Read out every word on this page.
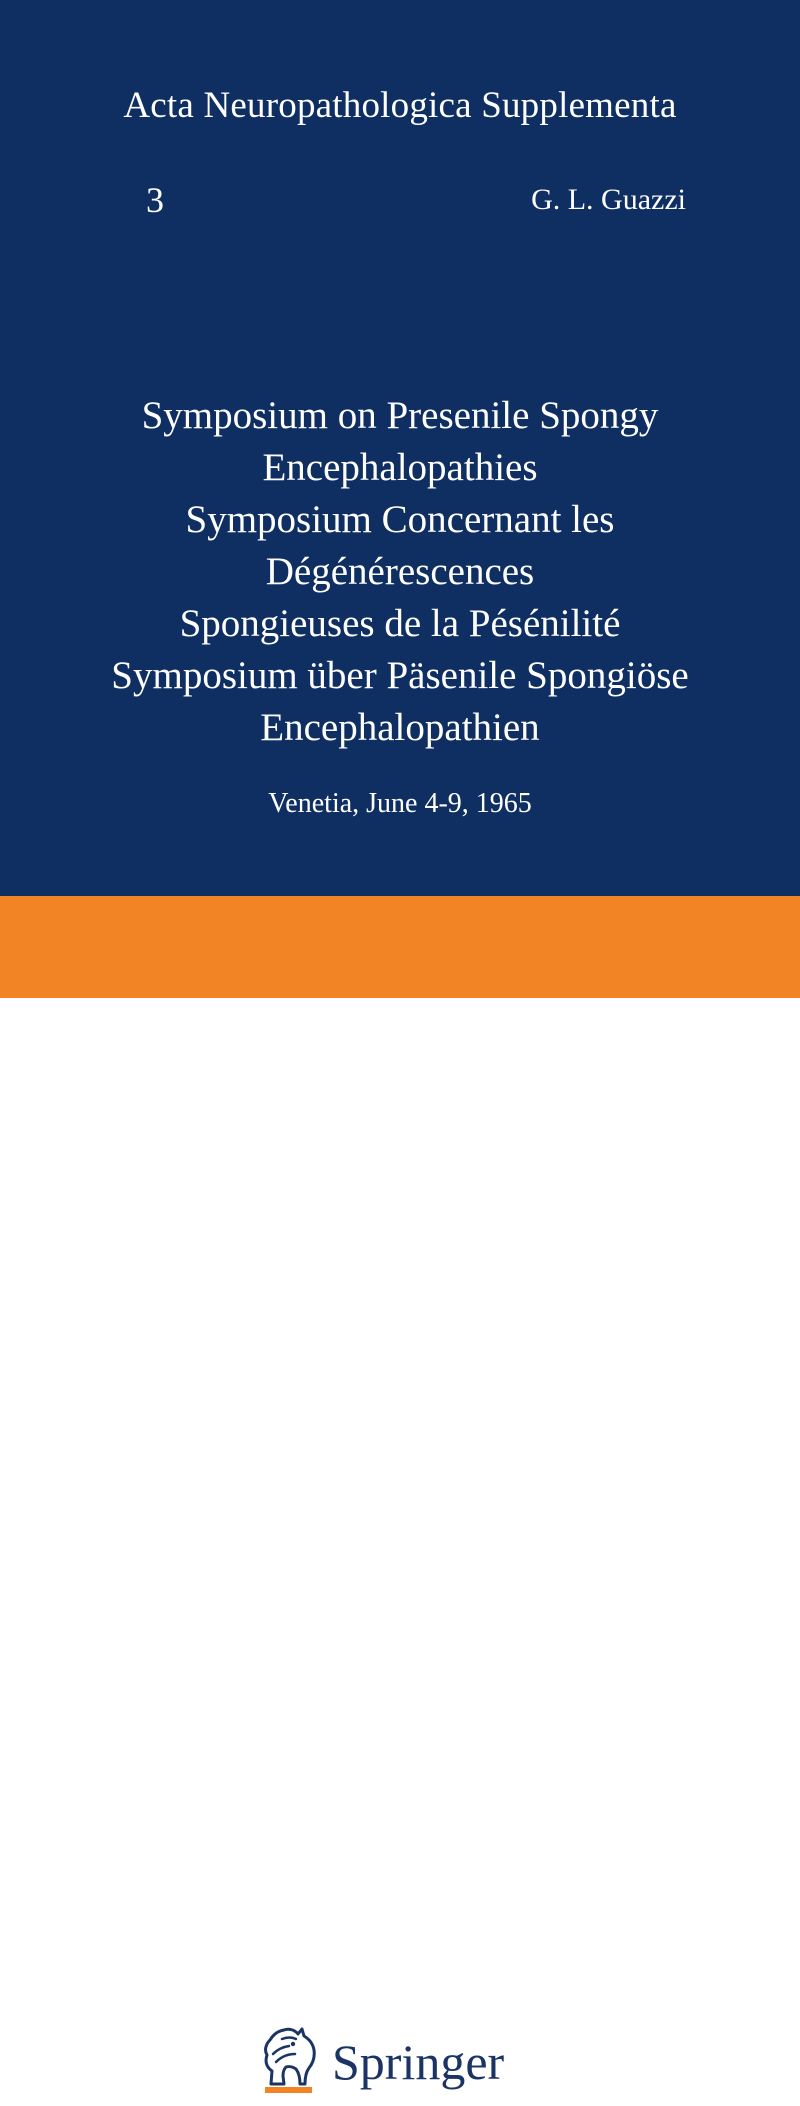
Acta Neuropathologica Supplementa
3	G. L. Guazzi
Symposium on Presenile Spongy
Encephalopathies
Symposium Concernant les
Dégénérescences
Spongieuses de la Pésénilité
Symposium über Päsenile Spongiöse
Encephalopathien
Venetia, June 4-9, 1965
Springer
